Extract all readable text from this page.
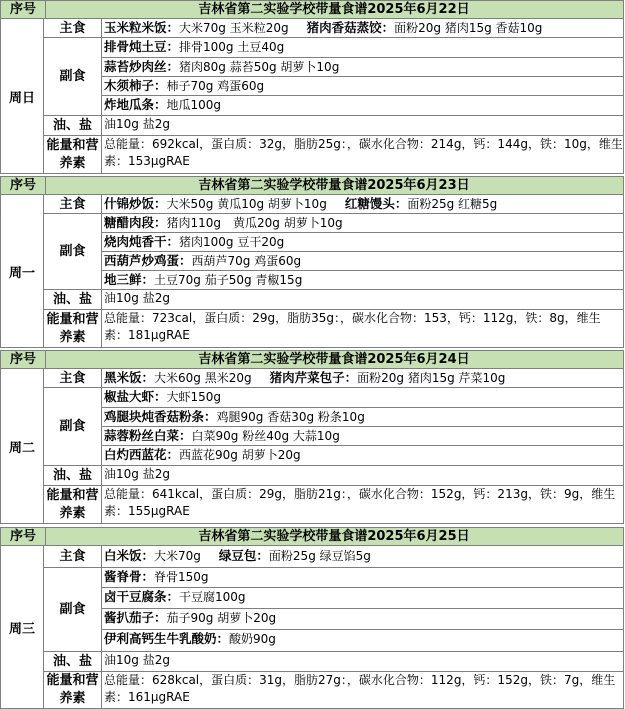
序号	吉林省第二实验学校带量食谱2025年6月22日
周日
主食	玉米粒米饭：大米70g 玉米粒20g 猪肉香菇蒸饺：面粉20g 猪肉15g 香菇10g
副食
排骨炖土豆：排骨100g 土豆40g
蒜苔炒肉丝：猪肉80g 蒜苔50g 胡萝卜10g
木须柿子：柿子70g 鸡蛋60g
炸地瓜条：地瓜100g
油、盐	油10g 盐2g
能量和营养素
总能量：692kcal，蛋白质：32g，脂肪25g：，碳水化合物：214g，钙：144g，铁：10g，维生素：153μgRAE
序号	吉林省第二实验学校带量食谱2025年6月23日
周一
主食	什锦炒饭：大米50g 黄瓜10g 胡萝卜10g 红糖馒头：面粉25g 红糖5g
副食
糖醋肉段：猪肉110g　黄瓜20g 胡萝卜10g
烧肉炖香干：猪肉100g 豆干20g
西葫芦炒鸡蛋：西葫芦70g 鸡蛋60g
地三鲜：土豆70g 茄子50g 青椒15g
油、盐	油10g 盐2g
能量和营养素
总能量：723cal，蛋白质：29g，脂肪35g：，碳水化合物：153，钙：112g，铁：8g，维生素：181μgRAE
序号	吉林省第二实验学校带量食谱2025年6月24日
周二
主食	黑米饭：大米60g 黑米20g 猪肉芹菜包子：面粉20g 猪肉15g 芹菜10g
副食
椒盐大虾：大虾150g
鸡腿块炖香菇粉条：鸡腿90g 香菇30g 粉条10g
蒜蓉粉丝白菜：白菜90g 粉丝40g 大蒜10g
白灼西蓝花：西蓝花90g 胡萝卜20g
油、盐	油10g 盐2g
能量和营养素
总能量：641kcal，蛋白质：29g，脂肪21g：，碳水化合物：152g，钙：213g，铁：9g，维生素：155μgRAE
序号	吉林省第二实验学校带量食谱2025年6月25日
周三
主食	白米饭：大米70g 绿豆包：面粉25g 绿豆馅5g
副食
酱脊骨：脊骨150g
卤干豆腐条：干豆腐100g
酱扒茄子：茄子90g 胡萝卜20g
伊利高钙生牛乳酸奶：酸奶90g
油、盐	油10g 盐2g
能量和营养素
总能量：628kcal，蛋白质：31g，脂肪27g：，碳水化合物：112g，钙：152g，铁：7g，维生素：161μgRAE
